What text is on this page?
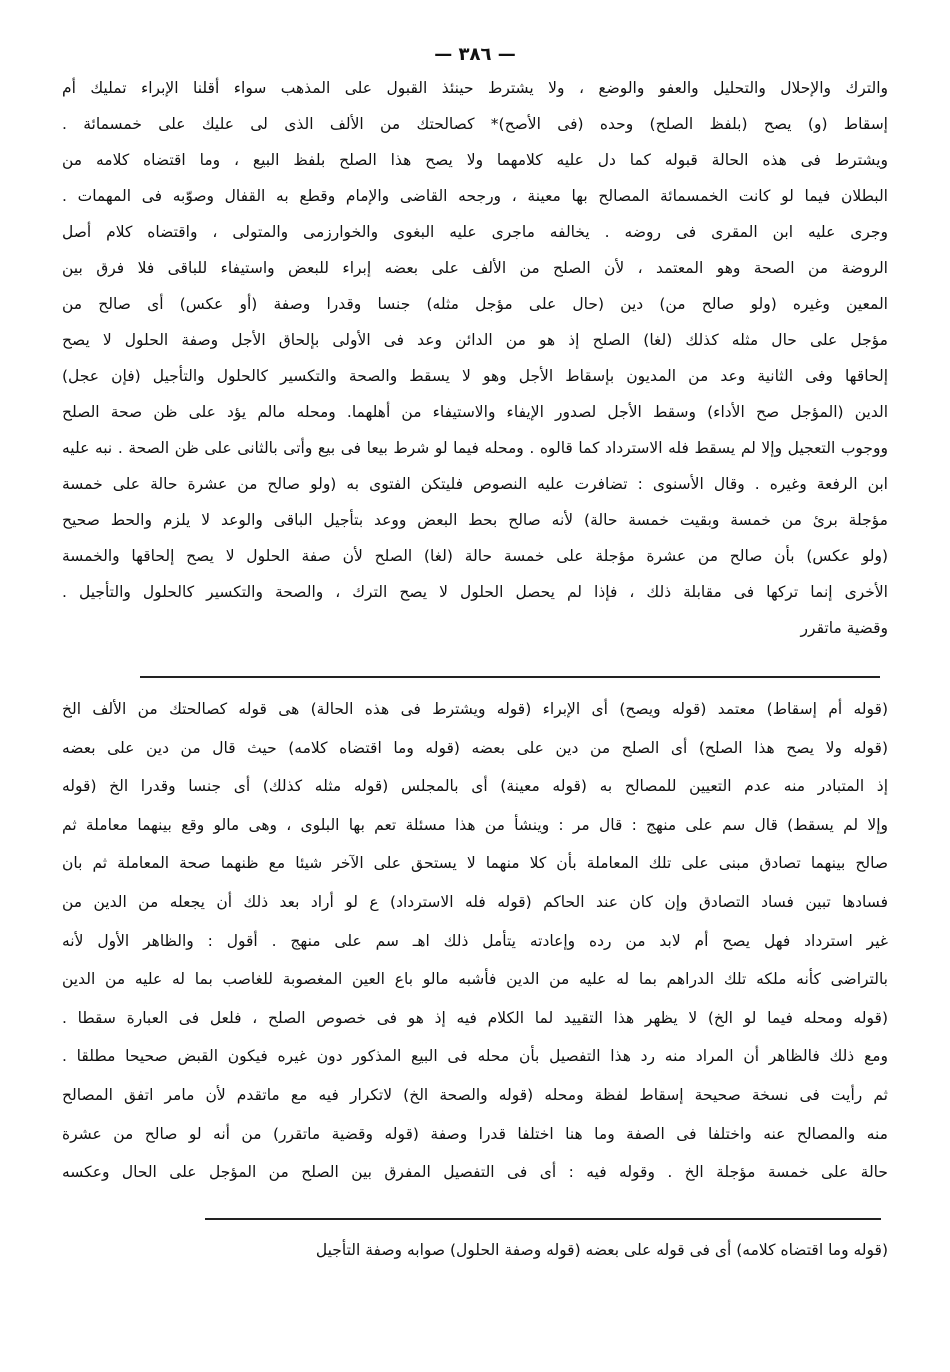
— ٣٨٦ —
والترك والإحلال والتحليل والعفو والوضع ، ولا يشترط حينئذ القبول على المذهب سواء أقلنا الإبراء تمليك أم
إسقاط (و) يصح (بلفظ الصلح) وحده (فى الأصح)* كصالحتك من الألف الذى لى عليك على خمسمائة .
ويشترط فى هذه الحالة قبوله كما دل عليه كلامهما ولا يصح هذا الصلح بلفظ البيع ، وما اقتضاه كلامه من
البطلان فيما لو كانت الخمسمائة المصالح بها معينة ، ورجحه القاضى والإمام وقطع به القفال وصوّبه فى المهمات .
وجرى عليه ابن المقرى فى روضه . يخالفه ماجرى عليه البغوى والخوارزمى والمتولى ، واقتضاه كلام أصل
الروضة من الصحة وهو المعتمد ، لأن الصلح من الألف على بعضه إبراء للبعض واستيفاء للباقى فلا فرق بين
المعين وغيره (ولو صالح من) دين (حال على مؤجل مثله) جنسا وقدرا وصفة (أو عكس) أى صالح من
مؤجل على حال مثله كذلك (لغا) الصلح إذ هو من الدائن وعد فى الأولى بإلحاق الأجل وصفة الحلول لا يصح
إلحاقها وفى الثانية وعد من المديون بإسقاط الأجل وهو لا يسقط والصحة والتكسير كالحلول والتأجيل (فإن عجل)
الدين (المؤجل صح الأداء) وسقط الأجل لصدور الإيفاء والاستيفاء من أهلهما. ومحله مالم يؤد على ظن صحة الصلح
ووجوب التعجيل وإلا لم يسقط فله الاسترداد كما قالوه . ومحله فيما لو شرط بيعا فى بيع وأتى بالثانى على ظن الصحة . نبه عليه
ابن الرفعة وغيره . وقال الأسنوى : تضافرت عليه النصوص فليتكن الفتوى به (ولو صالح من عشرة حالة على خمسة
مؤجلة برئ من خمسة وبقيت خمسة حالة) لأنه صالح بحط البعض ووعد بتأجيل الباقى والوعد لا يلزم والحط صحيح
(ولو عكس) بأن صالح من عشرة مؤجلة على خمسة حالة (لغا) الصلح لأن صفة الحلول لا يصح إلحاقها والخمسة
الأخرى إنما تركها فى مقابلة ذلك ، فإذا لم يحصل الحلول لا يصح الترك ، والصحة والتكسير كالحلول والتأجيل .
وقضية ماتقرر
(قوله أم إسقاط) معتمد (قوله ويصح) أى الإبراء (قوله ويشترط فى هذه الحالة) هى قوله كصالحتك من الألف الخ
(قوله ولا يصح هذا الصلح) أى الصلح من دين على بعضه (قوله وما اقتضاه كلامه) حيث قال من دين على بعضه
إذ المتبادر منه عدم التعيين للمصالح به (قوله معينة) أى بالمجلس (قوله مثله كذلك) أى جنسا وقدرا الخ (قوله
وإلا لم يسقط) قال سم على منهج : قال مر : وينشأ من هذا مسئلة تعم بها البلوى ، وهى مالو وقع بينهما معاملة ثم
صالح بينهما تصادق مبنى على تلك المعاملة بأن كلا منهما لا يستحق على الآخر شيئا مع ظنهما صحة المعاملة ثم بان
فسادها تبين فساد التصادق وإن كان عند الحاكم (قوله فله الاسترداد) ع لو أراد بعد ذلك أن يجعله من الدين من
غير استرداد فهل يصح أم لابد من رده وإعادته يتأمل ذلك اهـ سم على منهج . أقول : والظاهر الأول لأنه
بالتراضى كأنه ملكه تلك الدراهم بما له عليه من الدين فأشبه مالو باع العين المغصوبة للغاصب بما له عليه من الدين
(قوله ومحله فيما لو الخ) لا يظهر هذا التقييد لما الكلام فيه إذ هو فى خصوص الصلح ، فلعل فى العبارة سقطا .
ومع ذلك فالظاهر أن المراد منه رد هذا التفصيل بأن محله فى البيع المذكور دون غيره فيكون القبض صحيحا مطلقا .
ثم رأيت فى نسخة صحيحة إسقاط لفظة ومحله (قوله والصحة الخ) لاتكرار فيه مع ماتقدم لأن مامر اتفق المصالح
منه والمصالح عنه واختلفا فى الصفة وما هنا اختلفا قدرا وصفة (قوله وقضية ماتقرر) من أنه لو صالح من عشرة
حالة على خمسة مؤجلة الخ . وقوله فيه : أى فى التفصيل المفرق بين الصلح من المؤجل على الحال وعكسه
(قوله وما اقتضاه كلامه) أى فى قوله على بعضه (قوله وصفة الحلول) صوابه وصفة التأجيل
